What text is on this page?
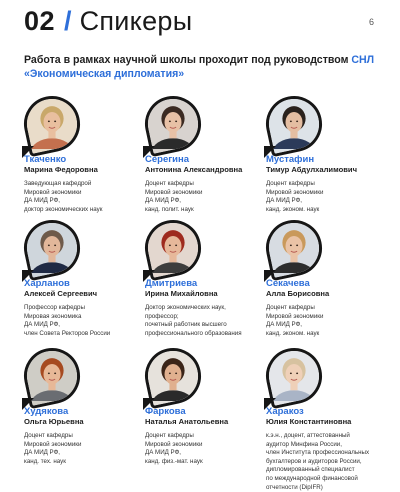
02 / Спикеры	6
Работа в рамках научной школы проходит под руководством СНЛ «Экономическая дипломатия»
Ткаченко
Марина Федоровна
Заведующая кафедрой
Мировой экономики
ДА МИД РФ,
доктор экономических наук
Серегина
Антонина Александровна
Доцент кафедры
Мировой экономики
ДА МИД РФ,
канд. полит. наук
Мустафин
Тимур Абдулхалимович
Доцент кафедры
Мировой экономики
ДА МИД РФ,
канд. эконом. наук
Харланов
Алексей Сергеевич
Профессор кафедры
Мировая экономика
ДА МИД РФ,
член Совета Ректоров России
Дмитриева
Ирина Михайловна
Доктор экономических наук,
профессор;
почетный работник высшего
профессионального образования
Секачева
Алла Борисовна
Доцент кафедры
Мировой экономики
ДА МИД РФ,
канд. эконом. наук
Худякова
Ольга Юрьевна
Доцент кафедры
Мировой экономики
ДА МИД РФ,
канд. тех. наук
Фаркова
Наталья Анатольевна
Доцент кафедры
Мировой экономики
ДА МИД РФ,
канд. физ.-мат. наук
Харакоз
Юлия Константиновна
к.э.н., доцент, аттестованный
аудитор Минфина России,
член Института профессиональных
бухгалтеров и аудиторов России,
дипломированный специалист
по международной финансовой
отчетности (DipIFR)
